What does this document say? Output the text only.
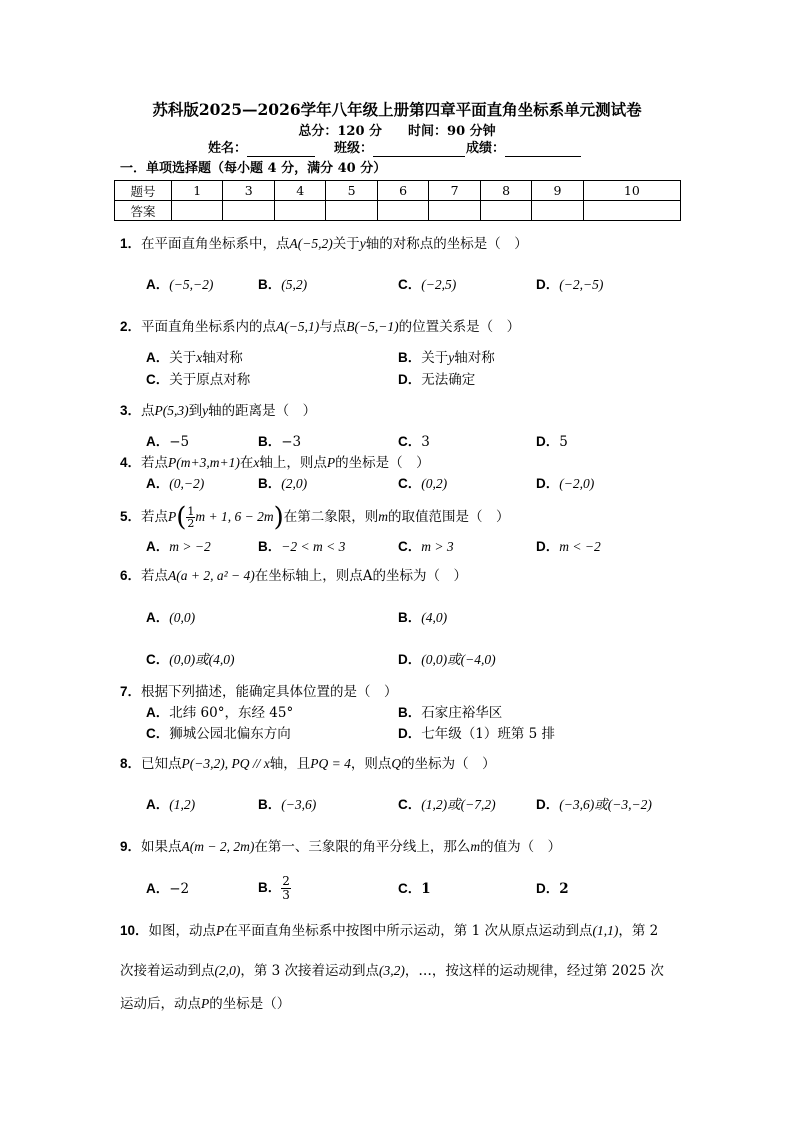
苏科版2025—2026学年八年级上册第四章平面直角坐标系单元测试卷
总分：120 分　　时间：90 分钟
姓名：	班级：	成绩：
一．单项选择题（每小题 4 分，满分 40 分）
题号	1	3	4	5	6	7	8	9	10
答案									
1．在平面直角坐标系中，点A(−5,2)关于y轴的对称点的坐标是（　）
A．(−5,−2)	B．(5,2)	C．(−2,5)	D．(−2,−5)
2．平面直角坐标系内的点A(−5,1)与点B(−5,−1)的位置关系是（　）
A．关于x轴对称	B．关于y轴对称
C．关于原点对称	D．无法确定
3．点P(5,3)到y轴的距离是（　）
A．−5	B．−3	C．3	D．5
4．若点P(m+3,m+1)在x轴上，则点P的坐标是（　）
A．(0,−2)	B．(2,0)	C．(0,2)	D．(−2,0)
5．若点$P( \frac{1}{2}$ m + 1, 6 − 2m)在第二象限，则m的取值范围是（　）
A．m > −2	B．−2 < m < 3	C．m > 3	D．m < −2
6．若点A(a + 2, a² − 4)在坐标轴上，则点A的坐标为（　）
A．(0,0)	B．(4,0)
C．(0,0)或(4,0)	D．(0,0)或(−4,0)
7．根据下列描述，能确定具体位置的是（　）
A．北纬 60°，东经 45°	B．石家庄裕华区
C．狮城公园北偏东方向	D．七年级（1）班第 5 排
8．已知点P(−3,2), PQ // x轴，且PQ = 4，则点Q的坐标为（　）
A．(1,2)	B．(−3,6)	C．(1,2)或(−7,2)	D．(−3,6)或(−3,−2)
9．如果点A(m − 2, 2m)在第一、三象限的角平分线上，那么m的值为（　）
A．−2	B． $\frac{2}{3}$	C．1	D．2
10．如图，动点P在平面直角坐标系中按图中所示运动，第 1 次从原点运动到点(1,1)，第 2
次接着运动到点(2,0)，第 3 次接着运动到点(3,2)，…，按这样的运动规律，经过第 2025 次
运动后，动点P的坐标是（）
